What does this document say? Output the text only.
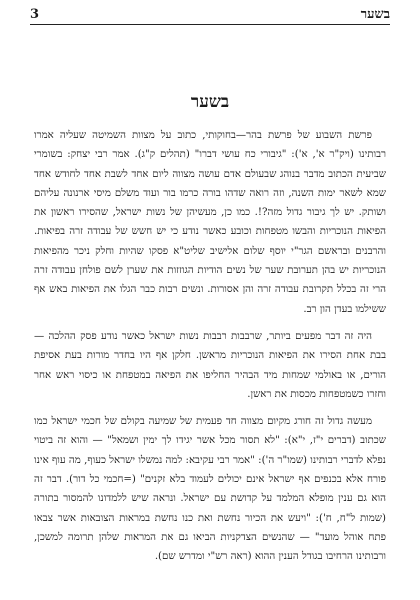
בשער
3
בשער

פרשת השבוע של פרשת בהר—בחוקותי, כתוב על מצוות השמיטה שעליה אמרו רבותינו (ויק"ר א', א'): "גיבורי כח עושי דברו" (תהלים ק"ג). אמר רבי יצחק: בשומרי שביעית הכתוב מדבר בנוהג שבעולם אדם עושה מצווה ליום אחד לשבת אחד לחודש אחד שמא לשאר ימות השנה, וזה רואה שדהו בורה כרמו בור ועוד משלם מיסי ארנונה עליהם ושותק. יש לך גיבור גדול מזה?!. כמו כן, מעשיהן של נשות ישראל, שהסירו ראשון את הפיאות הנוכריות והבשו מטפחות וכובע כאשר נודע כי יש חשש של עבודה זרה בפיאות. והרבנים ובראשם הגר"י יוסף שלום אלישיב שליט"א פסקו שהיות וחלק ניכר מהפיאות הנוכריות יש בהן תערובת שער של נשים הודיות הגוזזות את שערן לשם פולחן עבודה זרה הרי זה בכלל תקרובת עבודה זרה והן אסורות. ונשים רבות כבר הגלו את הפיאות באש אף ששילמו בעדן הון רב.

היה זה דבר מפעים ביותר, שרבבות רבבות נשות ישראל כאשר נודע פסק ההלכה — בבת אחת הסירו את הפיאות הנוכריות מראשן. חלקן אף היו בחדר מורות בעת אסיפת הורים, או באולמי שמחות מיד הבהיר החליפו את הפיאה במטפחת או כיסוי ראש אחר וחזרו כשמטפחות מכסות את ראשן.

מעשה גדול זה חורג מקיום מצווה חד פעמית של שמיעה בקולם של חכמי ישראל כמו שכתוב (דברים י"ז, י"א): "לא תסור מכל אשר יגידו לך ימין ושמאל" — והוא זה ביטוי נפלא לדברי רבותינו (שמו"ר ה'): "אמר רבי עקיבא: למה נמשלו ישראל כעוף, מה עוף אינו פורח אלא בכנפים אף ישראל אינם יכולים לעמוד בלא זקנים" (=חכמי כל דור). דבר זה הוא גם ענין מופלא המלמד על קדושת עם ישראל. ונראה שיש ללמדונו להמסור בתורה (שמות ל"ח, ח'): "ויעש את הכיור נחשת ואת כנו נחשת במראות הצובאות אשר צבאו פתח אוהל מועד" — שהנשים הצדקניות הביאו גם את המראות שלהן תרומה למשכן, ורבותינו הרחיבו בגודל הענין ההוא (ראה רש"י ומדרש שם).
